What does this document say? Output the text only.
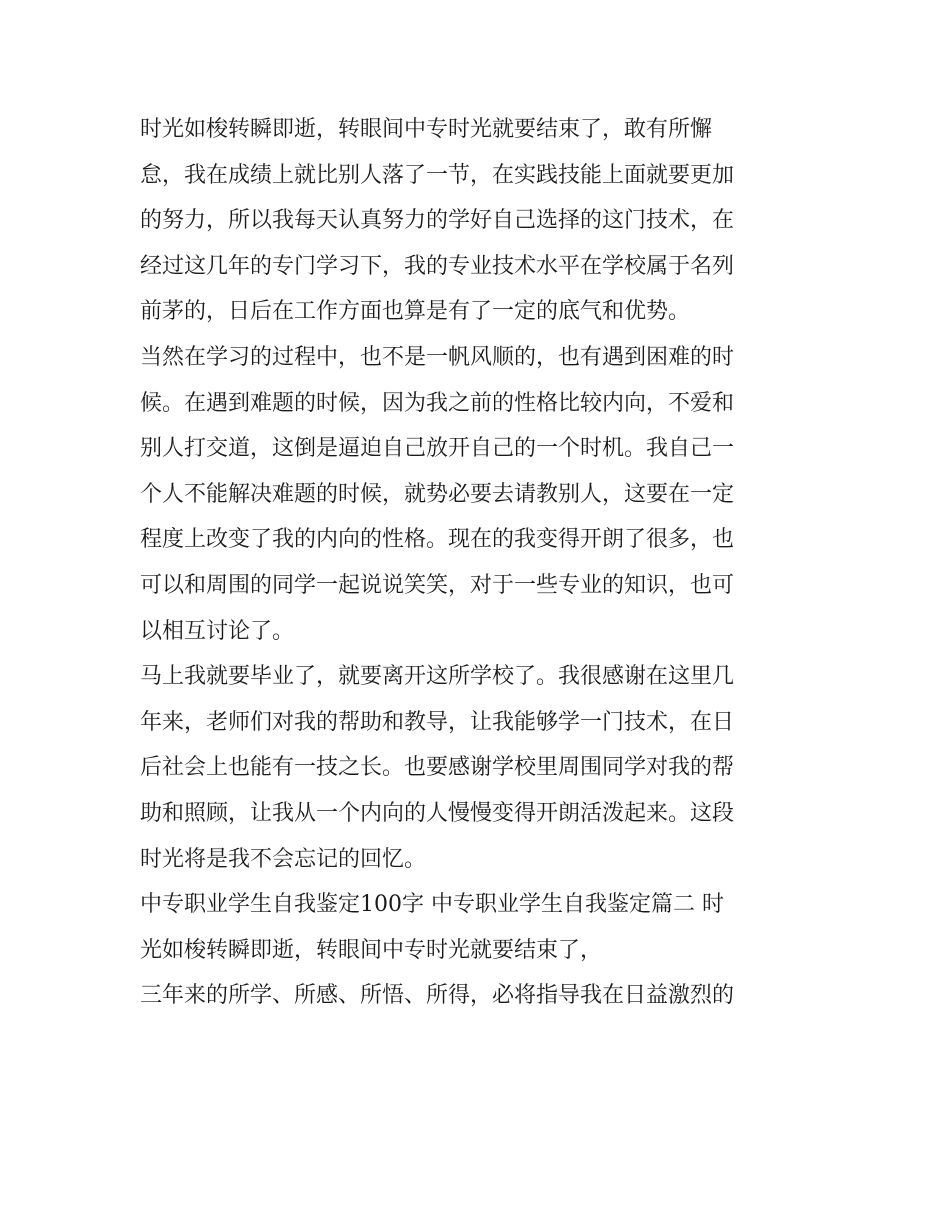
时光如梭转瞬即逝，转眼间中专时光就要结束了，敢有所懈
怠，我在成绩上就比别人落了一节，在实践技能上面就要更加
的努力，所以我每天认真努力的学好自己选择的这门技术，在
经过这几年的专门学习下，我的专业技术水平在学校属于名列
前茅的，日后在工作方面也算是有了一定的底气和优势。
当然在学习的过程中，也不是一帆风顺的，也有遇到困难的时
候。在遇到难题的时候，因为我之前的性格比较内向，不爱和
别人打交道，这倒是逼迫自己放开自己的一个时机。我自己一
个人不能解决难题的时候，就势必要去请教别人，这要在一定
程度上改变了我的内向的性格。现在的我变得开朗了很多，也
可以和周围的同学一起说说笑笑，对于一些专业的知识，也可
以相互讨论了。
马上我就要毕业了，就要离开这所学校了。我很感谢在这里几
年来，老师们对我的帮助和教导，让我能够学一门技术，在日
后社会上也能有一技之长。也要感谢学校里周围同学对我的帮
助和照顾，让我从一个内向的人慢慢变得开朗活泼起来。这段
时光将是我不会忘记的回忆。
中专职业学生自我鉴定100字 中专职业学生自我鉴定篇二 时
光如梭转瞬即逝，转眼间中专时光就要结束了，
三年来的所学、所感、所悟、所得，必将指导我在日益激烈的
